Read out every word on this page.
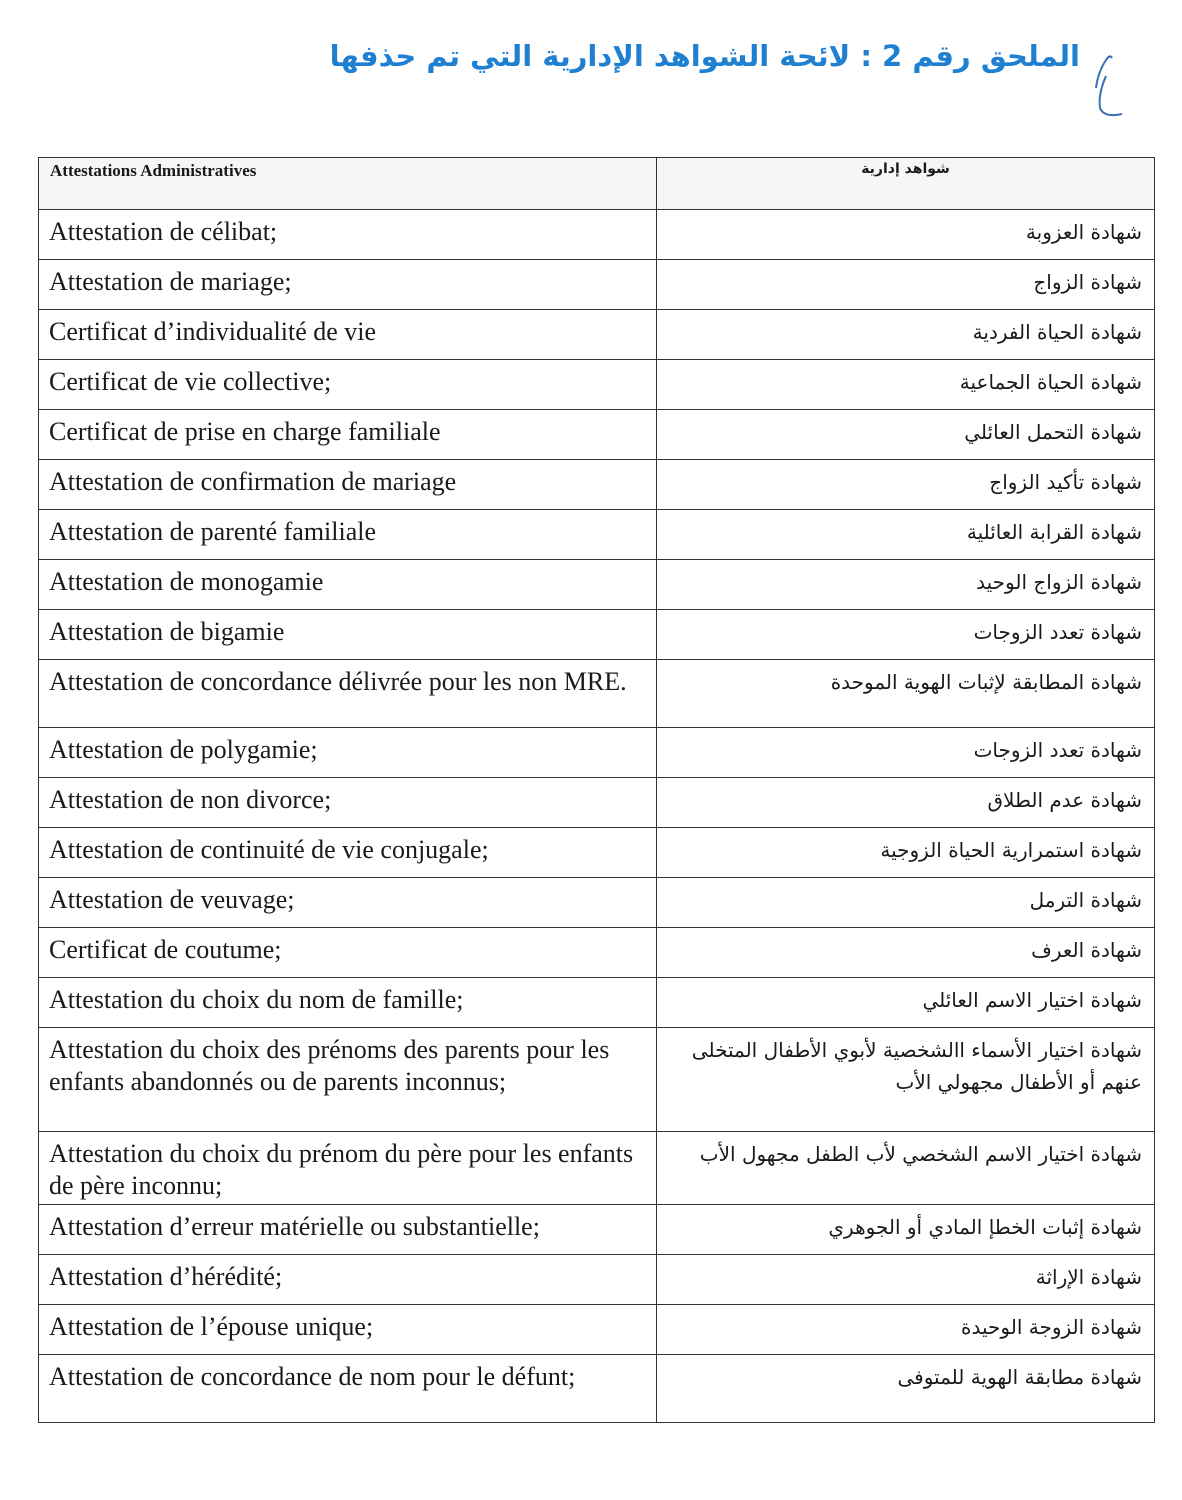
الملحق رقم 2 : لائحة الشواهد الإدارية التي تم حذفها
Attestations Administratives	شواهد إدارية
Attestation de célibat;	شهادة العزوبة
Attestation de mariage;	شهادة الزواج
Certificat d’individualité de vie	شهادة الحياة الفردية
Certificat de vie collective;	شهادة الحياة الجماعية
Certificat de prise en charge familiale	شهادة التحمل العائلي
Attestation de confirmation de mariage	شهادة تأكيد الزواج
Attestation de parenté familiale	شهادة القرابة العائلية
Attestation de monogamie	شهادة الزواج الوحيد
Attestation de bigamie	شهادة تعدد الزوجات
Attestation de concordance délivrée pour les non MRE.	شهادة المطابقة لإثبات الهوية الموحدة
Attestation de polygamie;	شهادة تعدد الزوجات
Attestation de non divorce;	شهادة عدم الطلاق
Attestation de continuité de vie conjugale;	شهادة استمرارية الحياة الزوجية
Attestation de veuvage;	شهادة الترمل
Certificat de coutume;	شهادة العرف
Attestation du choix du nom de famille;	شهادة اختيار الاسم العائلي
Attestation du choix des prénoms des parents pour les enfants abandonnés ou de parents inconnus;	شهادة اختيار الأسماء االشخصية لأبوي الأطفال المتخلى عنهم أو الأطفال مجهولي الأب
Attestation du choix du prénom du père pour les enfants de père inconnu;	شهادة اختيار الاسم الشخصي لأب الطفل مجهول الأب
Attestation d’erreur matérielle ou substantielle;	شهادة إثبات الخطإ المادي أو الجوهري
Attestation d’hérédité;	شهادة الإراثة
Attestation de l’épouse unique;	شهادة الزوجة الوحيدة
Attestation de concordance de nom pour le défunt;	شهادة مطابقة الهوية للمتوفى
